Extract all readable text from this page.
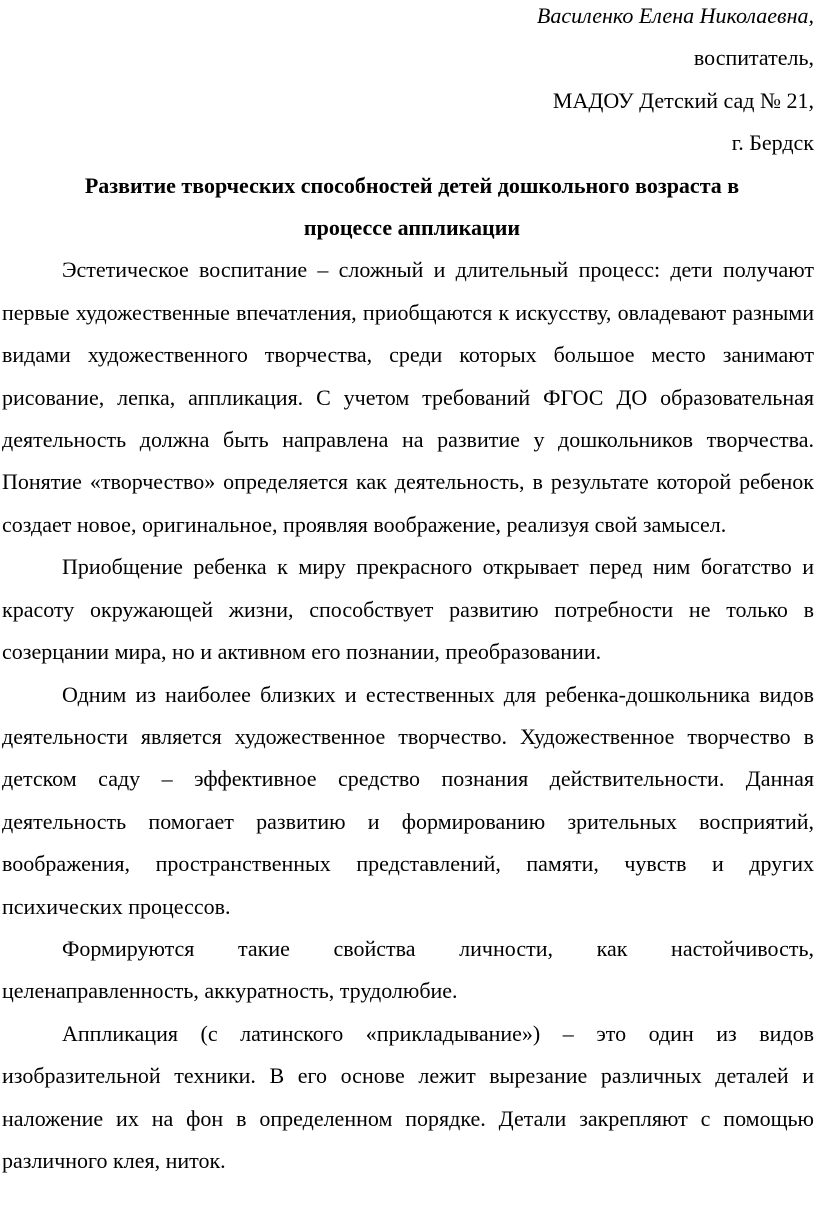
Василенко Елена Николаевна,
воспитатель,
МАДОУ Детский сад № 21,
г. Бердск
Развитие творческих способностей детей дошкольного возраста в
процессе аппликации

Эстетическое воспитание – сложный и длительный процесс: дети получают первые художественные впечатления, приобщаются к искусству, овладевают разными видами художественного творчества, среди которых большое место занимают рисование, лепка, аппликация. С учетом требований ФГОС ДО образовательная деятельность должна быть направлена на развитие у дошкольников творчества. Понятие «творчество» определяется как деятельность, в результате которой ребенок создает новое, оригинальное, проявляя воображение, реализуя свой замысел.

Приобщение ребенка к миру прекрасного открывает перед ним богатство и красоту окружающей жизни, способствует развитию потребности не только в созерцании мира, но и активном его познании, преобразовании.

Одним из наиболее близких и естественных для ребенка-дошкольника видов деятельности является художественное творчество. Художественное творчество в детском саду – эффективное средство познания действительности. Данная деятельность помогает развитию и формированию зрительных восприятий, воображения, пространственных представлений, памяти, чувств и других психических процессов.

Формируются такие свойства личности, как настойчивость, целенаправленность, аккуратность, трудолюбие.

Аппликация (с латинского «прикладывание») – это один из видов изобразительной техники. В его основе лежит вырезание различных деталей и наложение их на фон в определенном порядке. Детали закрепляют с помощью различного клея, ниток.
